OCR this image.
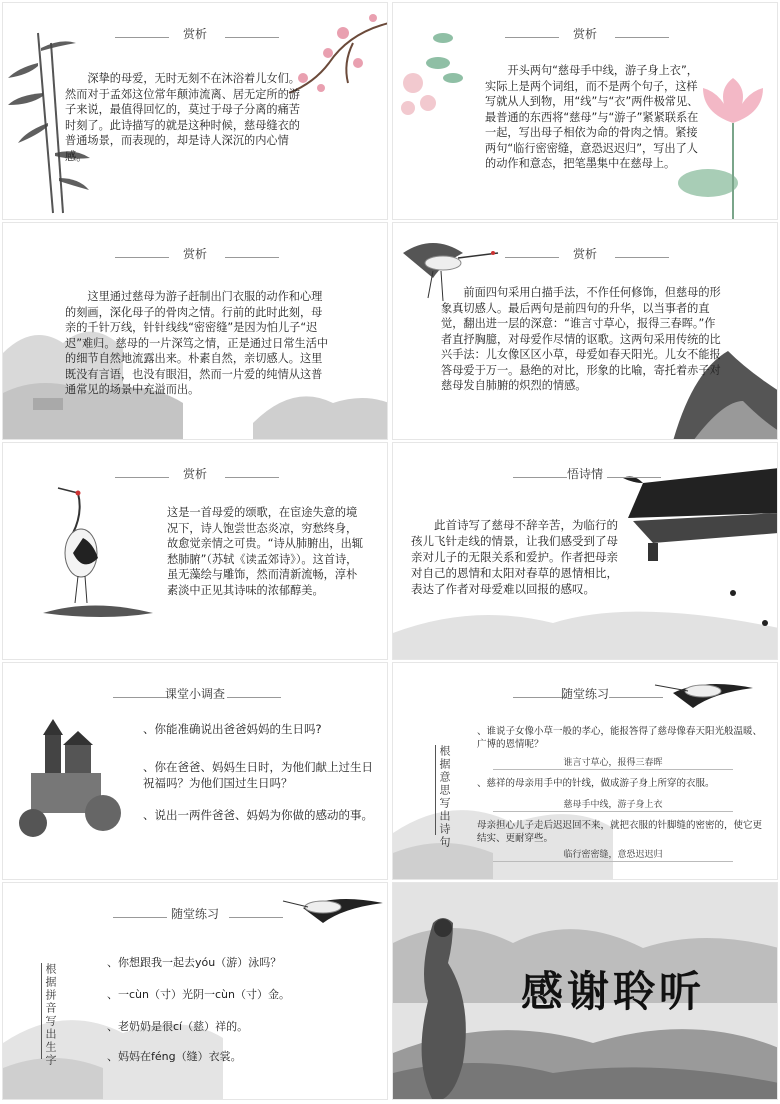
赏析

深挚的母爱，无时无刻不在沐浴着儿女们。然而对于孟郊这位常年颠沛流离、居无定所的游子来说，最值得回忆的，莫过于母子分离的痛苦时刻了。此诗描写的就是这种时候，慈母缝衣的普通场景，而表现的，却是诗人深沉的内心情感。

赏析

开头两句“慈母手中线，游子身上衣”，实际上是两个词组，而不是两个句子，这样写就从人到物，用“线”与“衣”两件极常见、最普通的东西将“慈母”与“游子”紧紧联系在一起，写出母子相依为命的骨肉之情。紧接两句“临行密密缝，意恐迟迟归”，写出了人的动作和意态，把笔墨集中在慈母上。

赏析

这里通过慈母为游子赶制出门衣服的动作和心理的刻画，深化母子的骨肉之情。行前的此时此刻，母亲的千针万线，针针线线“密密缝”是因为怕儿子“迟迟”难归。慈母的一片深笃之情，正是通过日常生活中的细节自然地流露出来。朴素自然，亲切感人。这里既没有言语，也没有眼泪，然而一片爱的纯情从这普通常见的场景中充溢而出。

赏析

前面四句采用白描手法，不作任何修饰，但慈母的形象真切感人。最后两句是前四句的升华，以当事者的直觉，翻出进一层的深意：“谁言寸草心，报得三春晖。”作者直抒胸臆，对母爱作尽情的讴歌。这两句采用传统的比兴手法：儿女像区区小草，母爱如春天阳光。儿女不能报答母爱于万一。悬绝的对比，形象的比喻，寄托着赤子对慈母发自肺腑的炽烈的情感。

赏析

这是一首母爱的颂歌，在宦途失意的境况下，诗人饱尝世态炎凉，穷愁终身，故愈觉亲情之可贵。“诗从肺腑出，出辄愁肺腑”（苏轼《读孟郊诗》）。这首诗，虽无藻绘与雕饰，然而清新流畅，淳朴素淡中正见其诗味的浓郁醇美。

悟诗情

此首诗写了慈母不辞辛苦，为临行的孩儿飞针走线的情景，让我们感受到了母亲对儿子的无限关系和爱护。作者把母亲对自己的恩情和太阳对春草的恩情相比，表达了作者对母爱难以回报的感叹。

课堂小调查

、你能准确说出爸爸妈妈的生日吗?

、你在爸爸、妈妈生日时，为他们献上过生日祝福吗？为他们国过生日吗？

、说出一两件爸爸、妈妈为你做的感动的事。

随堂练习
根据意思写出诗句

、谁说子女像小草一般的孝心，能报答得了慈母像春天阳光般温暖、广博的恩情呢？

谁言寸草心，报得三春晖

、慈祥的母亲用手中的针线，做成游子身上所穿的衣服。

慈母手中线，游子身上衣

母亲担心儿子走后迟迟回不来，就把衣服的针脚缝的密密的，使它更结实、更耐穿些。

临行密密缝，意恐迟迟归
随堂练习
根据拼音写出生字

、你想跟我一起去yóu（游）泳吗？

、一cùn（寸）光阴一cùn（寸）金。

、老奶奶是很cí（慈）祥的。

、妈妈在féng（缝）衣裳。

感谢聆听
